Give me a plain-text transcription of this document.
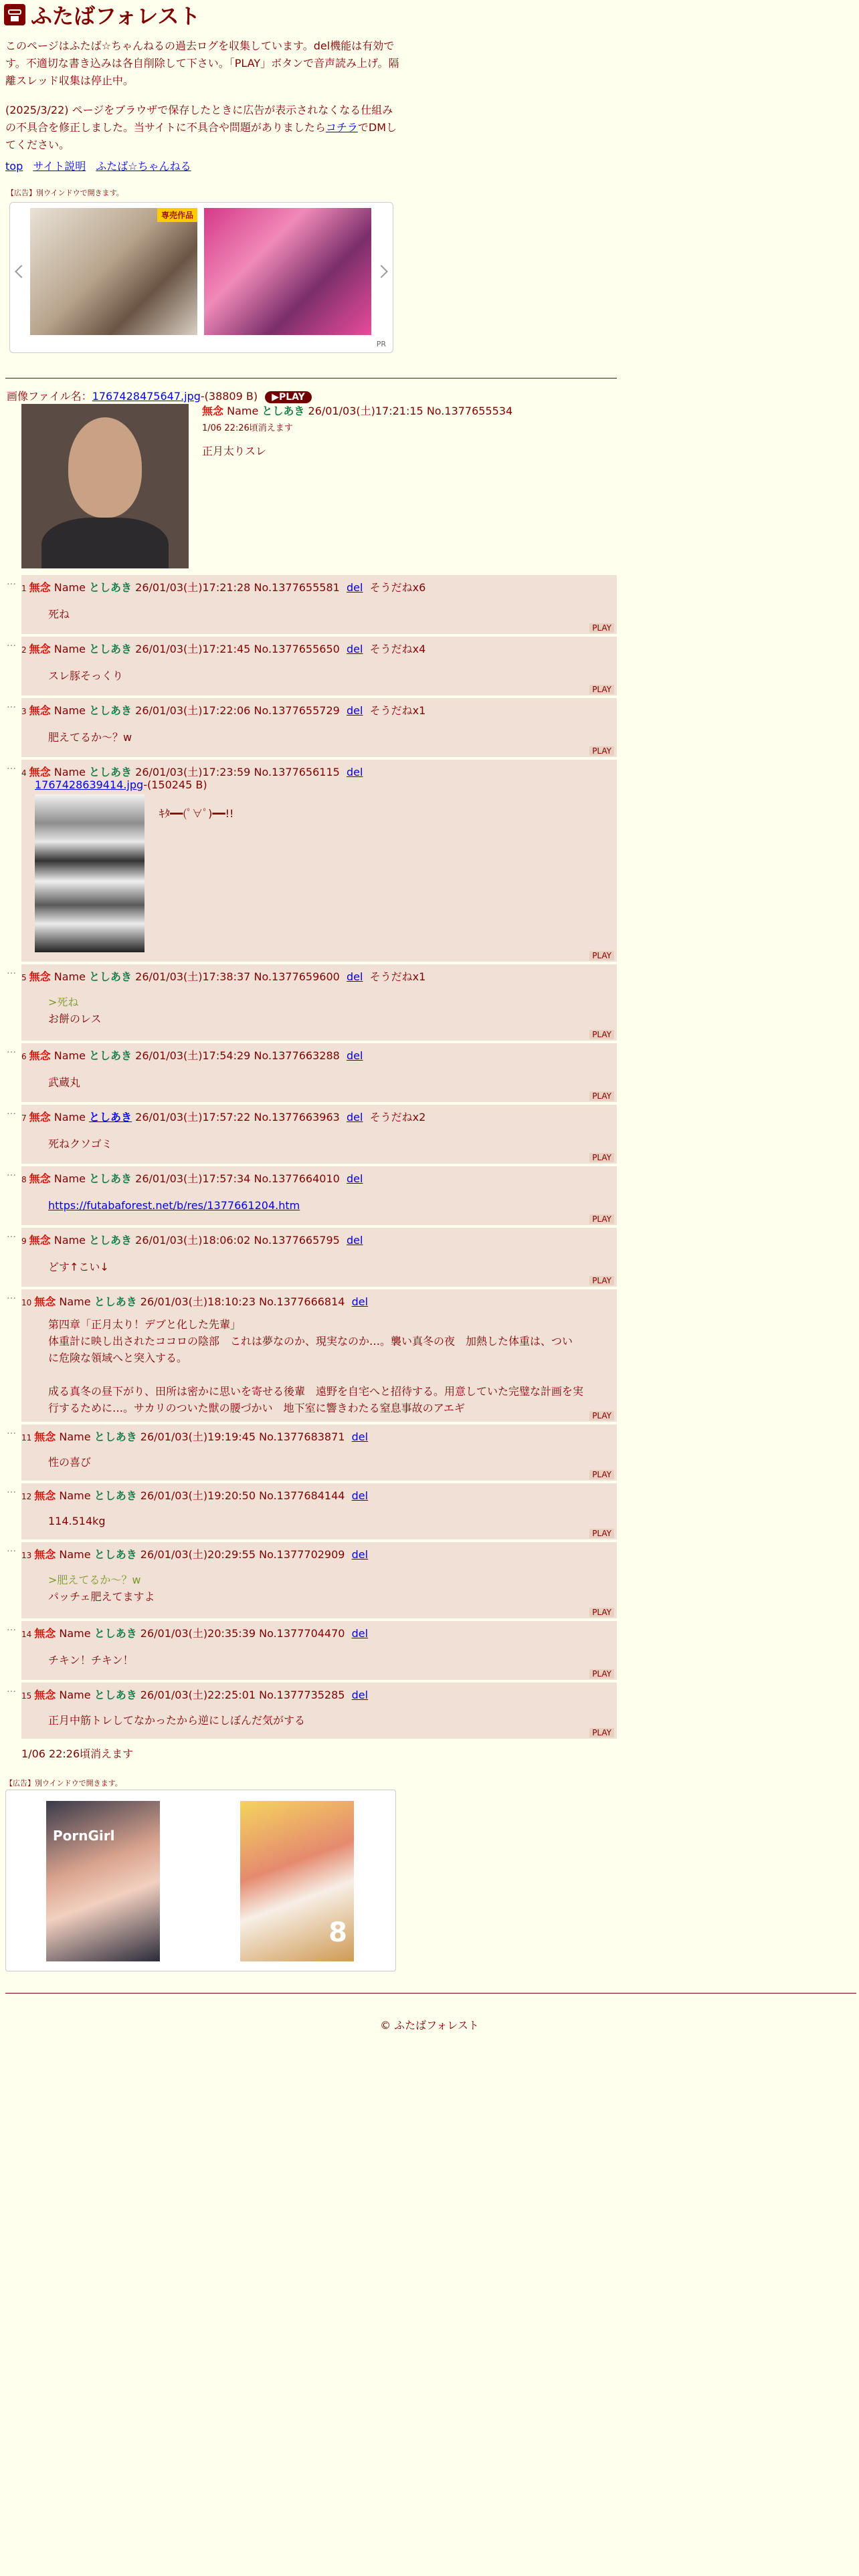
ふたばフォレスト

このページはふたば☆ちゃんねるの過去ログを収集しています。del機能は有効です。不適切な書き込みは各自削除して下さい。「PLAY」ボタンで音声読み上げ。隔離スレッド収集は停止中。

(2025/3/22) ページをブラウザで保存したときに広告が表示されなくなる仕組みの不具合を修正しました。当サイトに不具合や問題がありましたらコチラでDMしてください。

top サイト説明 ふたば☆ちゃんねる
【広告】別ウインドウで開きます。
専売作品
PR
画像ファイル名：1767428475647.jpg-(38809 B) ▶PLAY
無念 Name としあき 26/01/03(土)17:21:15 No.1377655534
1/06 22:26頃消えます
正月太りスレ
…
1 無念 Name としあき 26/01/03(土)17:21:28 No.1377655581 del そうだねx6
死ね
PLAY
…
2 無念 Name としあき 26/01/03(土)17:21:45 No.1377655650 del そうだねx4
スレ豚そっくり
PLAY
…
3 無念 Name としあき 26/01/03(土)17:22:06 No.1377655729 del そうだねx1
肥えてるか〜？w
PLAY
…
4 無念 Name としあき 26/01/03(土)17:23:59 No.1377656115 del
1767428639414.jpg-(150245 B)
ｷﾀ━━(ﾟ∀ﾟ)━━!!
PLAY
…
5 無念 Name としあき 26/01/03(土)17:38:37 No.1377659600 del そうだねx1
>死ね
お餅のレス
PLAY
…
6 無念 Name としあき 26/01/03(土)17:54:29 No.1377663288 del
武蔵丸
PLAY
…
7 無念 Name としあき 26/01/03(土)17:57:22 No.1377663963 del そうだねx2
死ねクソゴミ
PLAY
…
8 無念 Name としあき 26/01/03(土)17:57:34 No.1377664010 del
https://futabaforest.net/b/res/1377661204.htm
PLAY
…
9 無念 Name としあき 26/01/03(土)18:06:02 No.1377665795 del
どす↑こい↓
PLAY
…
10 無念 Name としあき 26/01/03(土)18:10:23 No.1377666814 del
第四章「正月太り！デブと化した先輩」
体重計に映し出されたココロの陰部　これは夢なのか、現実なのか…。襲い真冬の夜　加熱した体重は、つい
に危険な領域へと突入する。
成る真冬の昼下がり、田所は密かに思いを寄せる後輩　遠野を自宅へと招待する。用意していた完璧な計画を実
行するために…。サカリのついた獣の腰づかい　地下室に響きわたる窒息事故のアエギ
PLAY
…
11 無念 Name としあき 26/01/03(土)19:19:45 No.1377683871 del
性の喜び
PLAY
…
12 無念 Name としあき 26/01/03(土)19:20:50 No.1377684144 del
114.514kg
PLAY
…
13 無念 Name としあき 26/01/03(土)20:29:55 No.1377702909 del
>肥えてるか〜？w
パッチェ肥えてますよ
PLAY
…
14 無念 Name としあき 26/01/03(土)20:35:39 No.1377704470 del
チキン！チキン！
PLAY
…
15 無念 Name としあき 26/01/03(土)22:25:01 No.1377735285 del
正月中筋トレしてなかったから逆にしぼんだ気がする
PLAY
1/06 22:26頃消えます
【広告】別ウインドウで開きます。
PornGirl
8
© ふたばフォレスト
